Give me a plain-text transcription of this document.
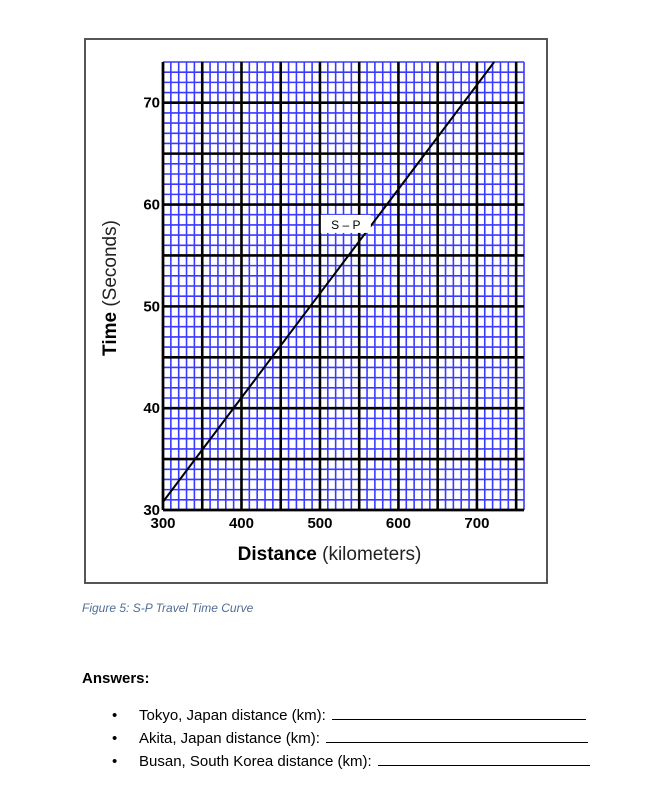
30
40
50
60
70
300	400	500	600	700
S – P
Distance (kilometers)
Time (Seconds)
Figure 5: S-P Travel Time Curve
Answers:
• Tokyo, Japan distance (km):
• Akita, Japan distance (km):
• Busan, South Korea distance (km):
